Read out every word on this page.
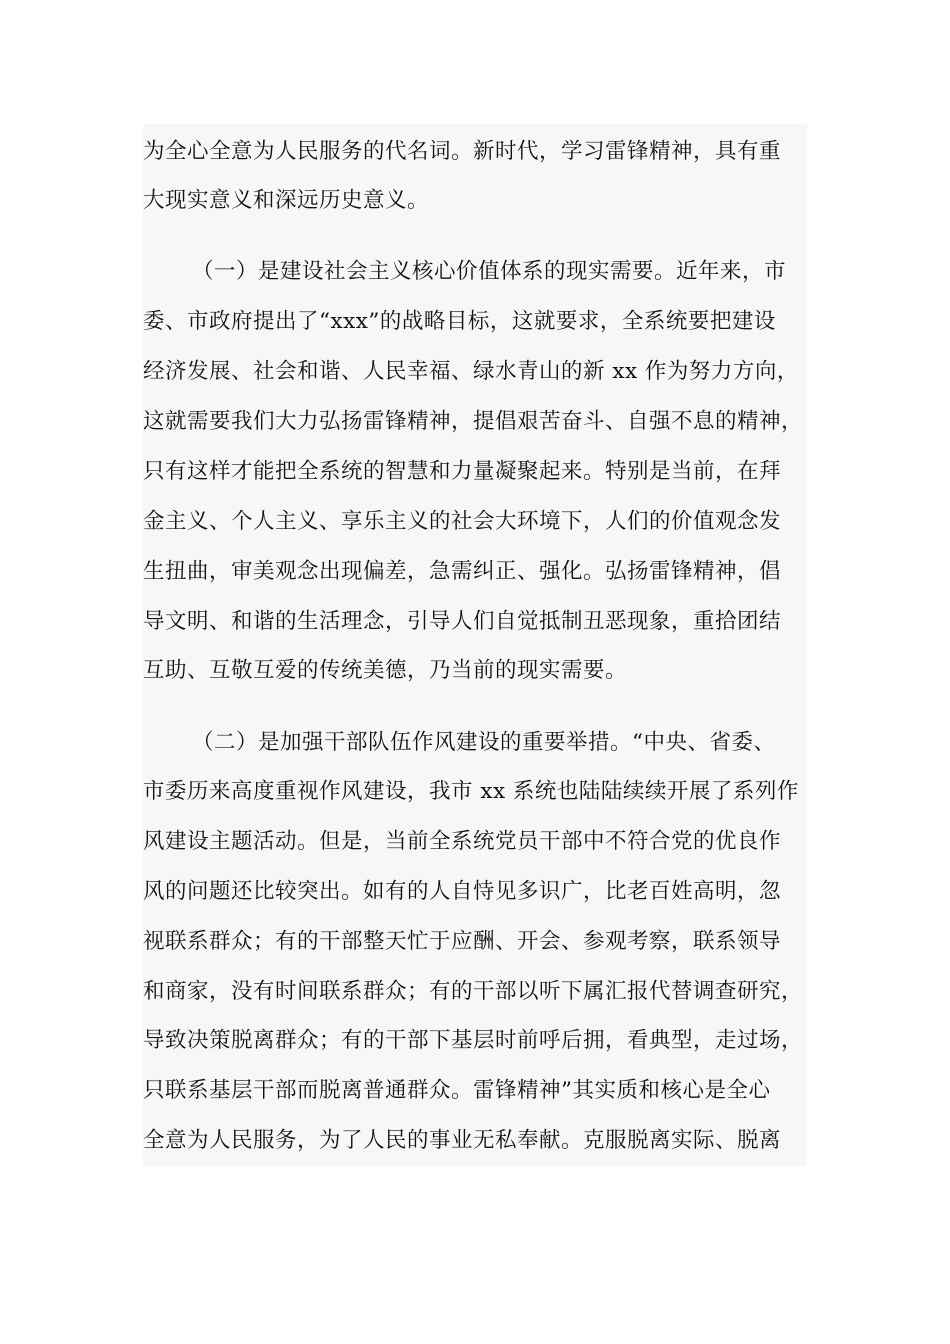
为全心全意为人民服务的代名词。新时代，学习雷锋精神，具有重
大现实意义和深远历史意义。
（一）是建设社会主义核心价值体系的现实需要。近年来，市
委、市政府提出了“xxx”的战略目标，这就要求，全系统要把建设
经济发展、社会和谐、人民幸福、绿水青山的新 xx 作为努力方向，
这就需要我们大力弘扬雷锋精神，提倡艰苦奋斗、自强不息的精神，
只有这样才能把全系统的智慧和力量凝聚起来。特别是当前，在拜
金主义、个人主义、享乐主义的社会大环境下，人们的价值观念发
生扭曲，审美观念出现偏差，急需纠正、强化。弘扬雷锋精神，倡
导文明、和谐的生活理念，引导人们自觉抵制丑恶现象，重拾团结
互助、互敬互爱的传统美德，乃当前的现实需要。
（二）是加强干部队伍作风建设的重要举措。“中央、省委、
市委历来高度重视作风建设，我市 xx 系统也陆陆续续开展了系列作
风建设主题活动。但是，当前全系统党员干部中不符合党的优良作
风的问题还比较突出。如有的人自恃见多识广，比老百姓高明，忽
视联系群众；有的干部整天忙于应酬、开会、参观考察，联系领导
和商家，没有时间联系群众；有的干部以听下属汇报代替调查研究，
导致决策脱离群众；有的干部下基层时前呼后拥，看典型，走过场，
只联系基层干部而脱离普通群众。雷锋精神”其实质和核心是全心
全意为人民服务，为了人民的事业无私奉献。克服脱离实际、脱离
